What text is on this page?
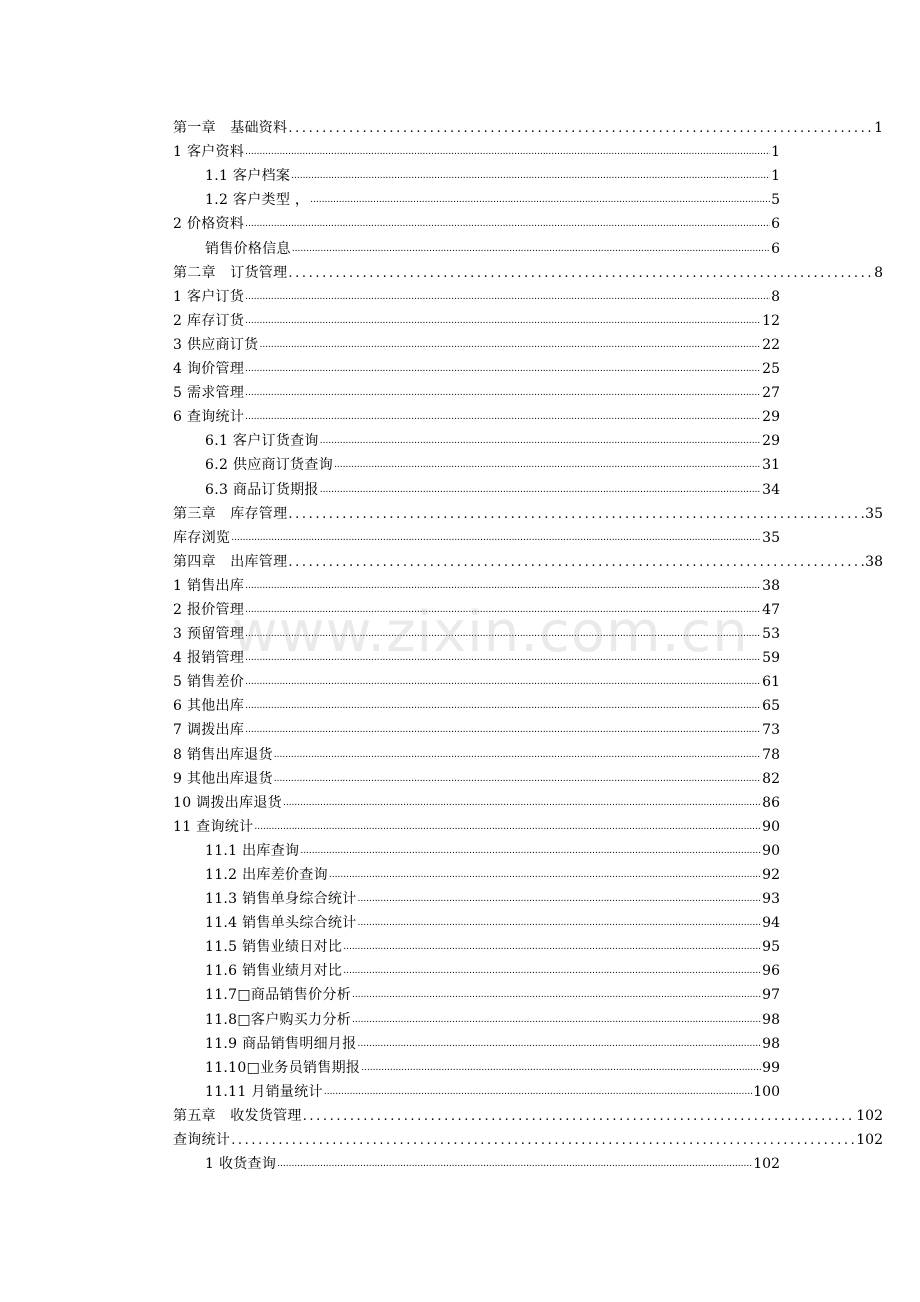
第一章　基础资料 .....	1
1 客户资料 .....	1
1.1 客户档案 .....	1
1.2 客户类型 ， .....	5
2 价格资料 .....	6
销售价格信息 .....	6
第二章　订货管理 .....	8
1 客户订货 .....	8
2 库存订货 .....	12
3 供应商订货 .....	22
4 询价管理 .....	25
5 需求管理 .....	27
6 查询统计 .....	29
6.1 客户订货查询 .....	29
6.2 供应商订货查询 .....	31
6.3 商品订货期报 .....	34
第三章　库存管理 .....	35
库存浏览 .....	35
第四章　出库管理 .....	38
1 销售出库 .....	38
2 报价管理 .....	47
3 预留管理 .....	53
4 报销管理 .....	59
5 销售差价 .....	61
6 其他出库 .....	65
7 调拨出库 .....	73
8 销售出库退货 .....	78
9 其他出库退货 .....	82
10 调拨出库退货 .....	86
11 查询统计 .....	90
11.1 出库查询 .....	90
11.2 出库差价查询 .....	92
11.3 销售单身综合统计 .....	93
11.4 销售单头综合统计 .....	94
11.5 销售业绩日对比 .....	95
11.6 销售业绩月对比 .....	96
11.7□商品销售价分析 .....	97
11.8□客户购买力分析 .....	98
11.9 商品销售明细月报 .....	98
11.10□业务员销售期报 .....	99
11.11 月销量统计 .....	100
第五章　收发货管理 .....	102
查询统计 .....	102
1 收货查询 .....	102
www.zixin.com.cn
